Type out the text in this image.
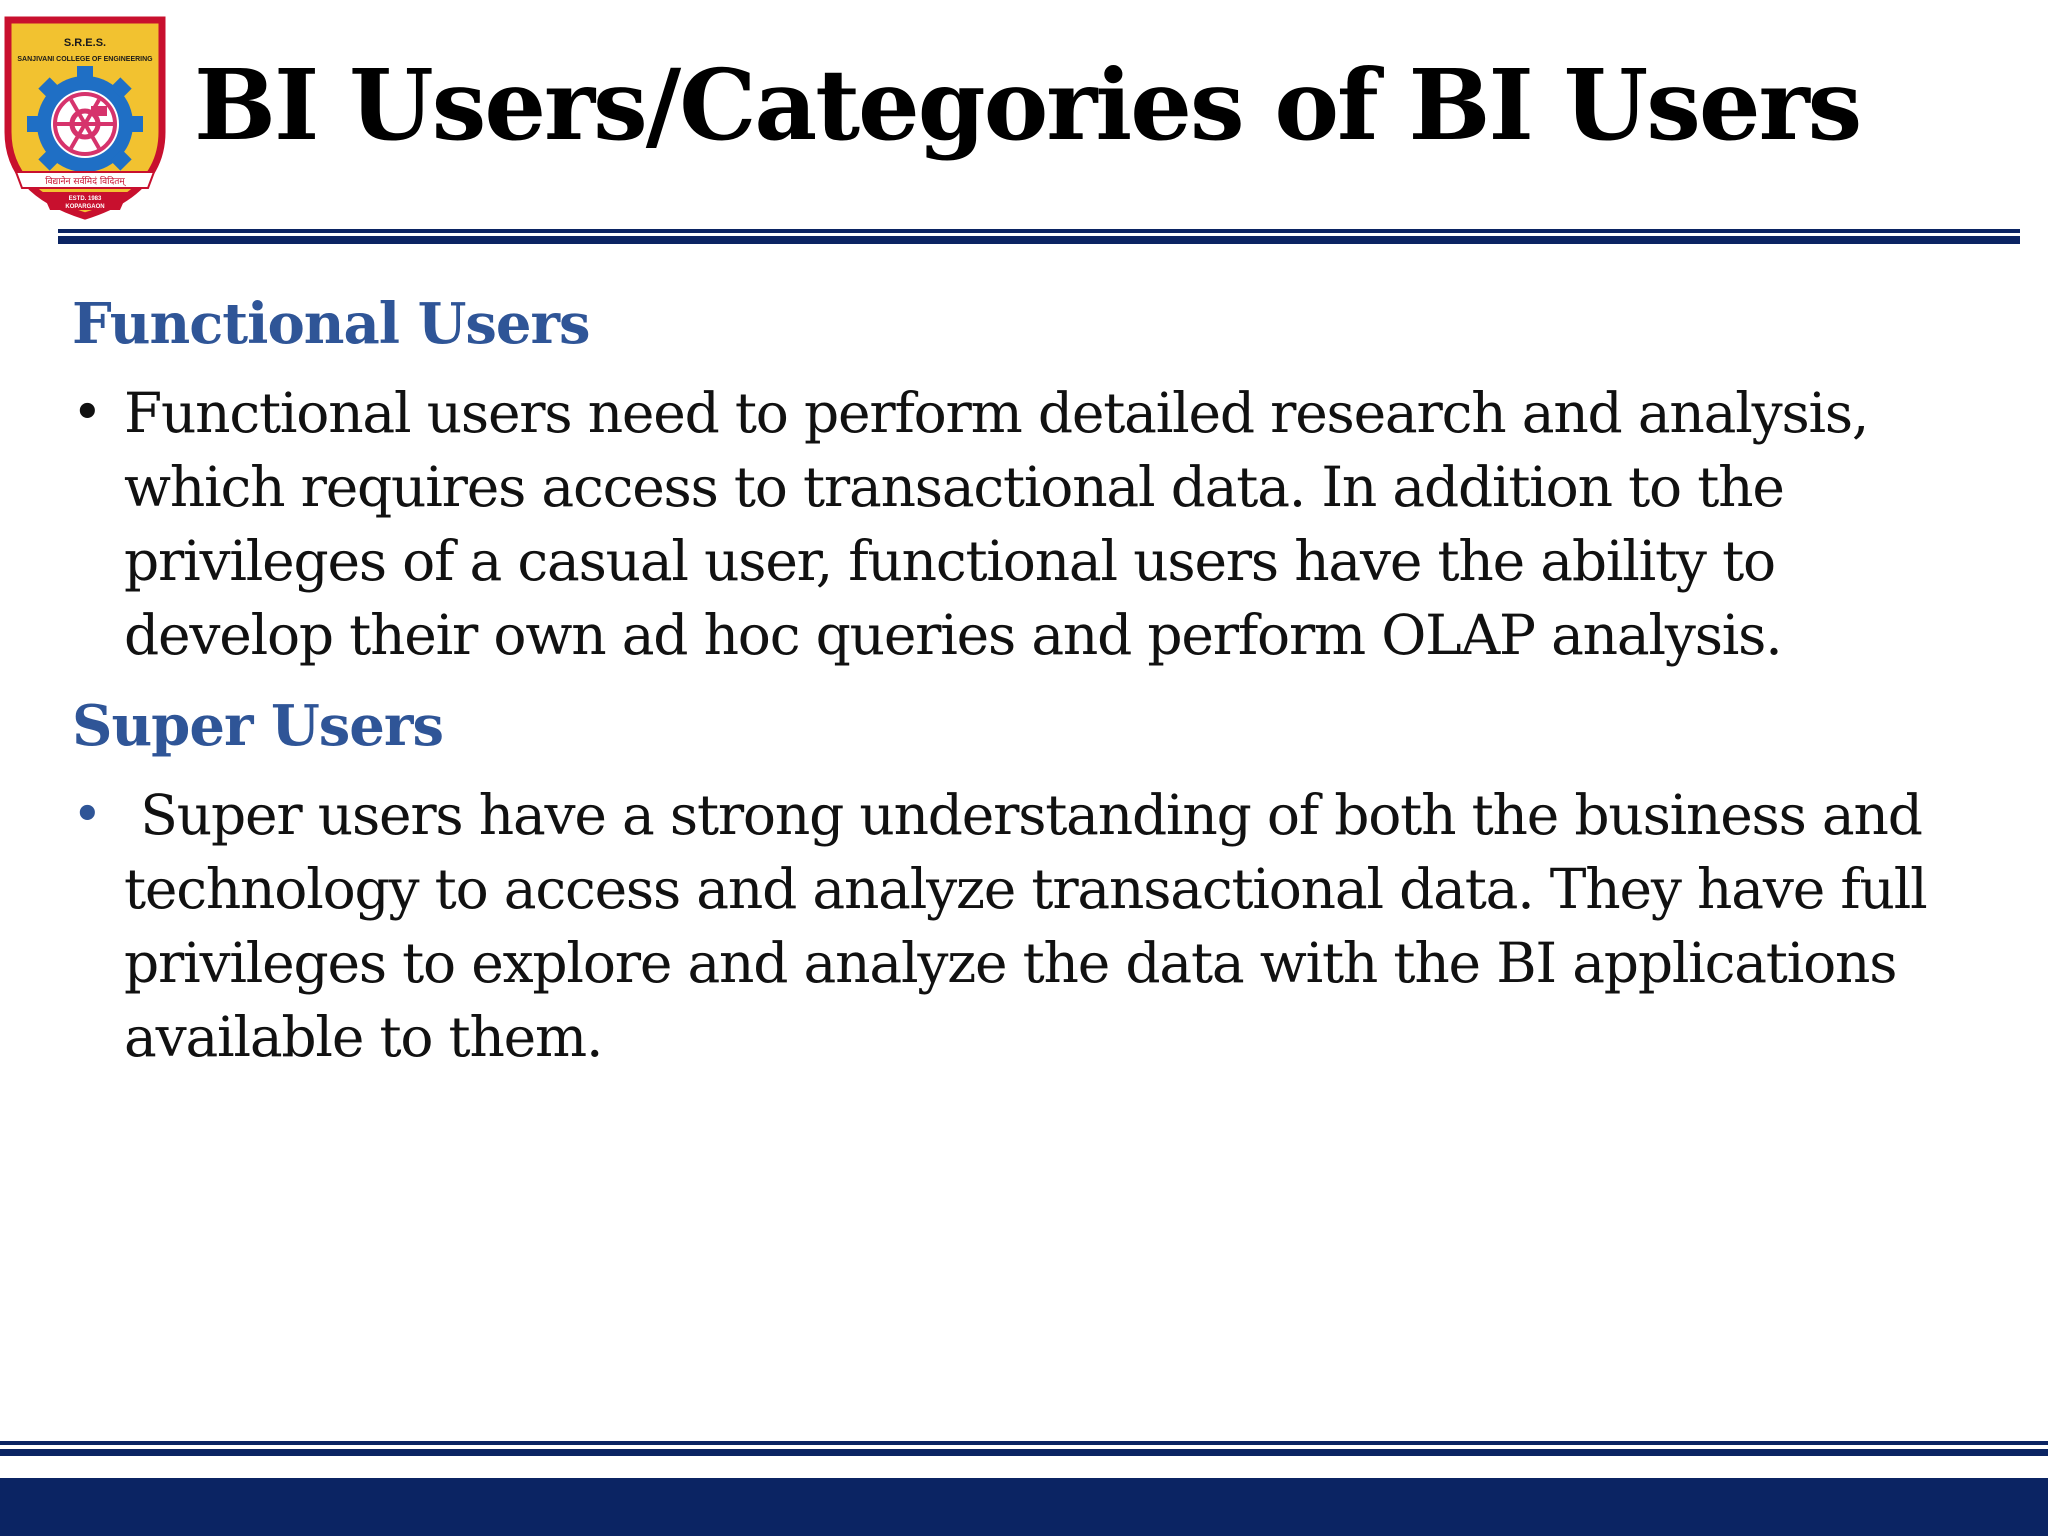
S.R.E.S.
SANJIVANI COLLEGE OF ENGINEERING
विद्यानेन सर्वमिदं विदितम्
ESTD. 1983
KOPARGAON
BI Users/Categories of BI Users
Functional Users
• Functional users need to perform detailed research and analysis, which requires access to transactional data. In addition to the privileges of a casual user, functional users have the ability to develop their own ad hoc queries and perform OLAP analysis.
Super Users
• Super users have a strong understanding of both the business and technology to access and analyze transactional data. They have full privileges to explore and analyze the data with the BI applications available to them.
